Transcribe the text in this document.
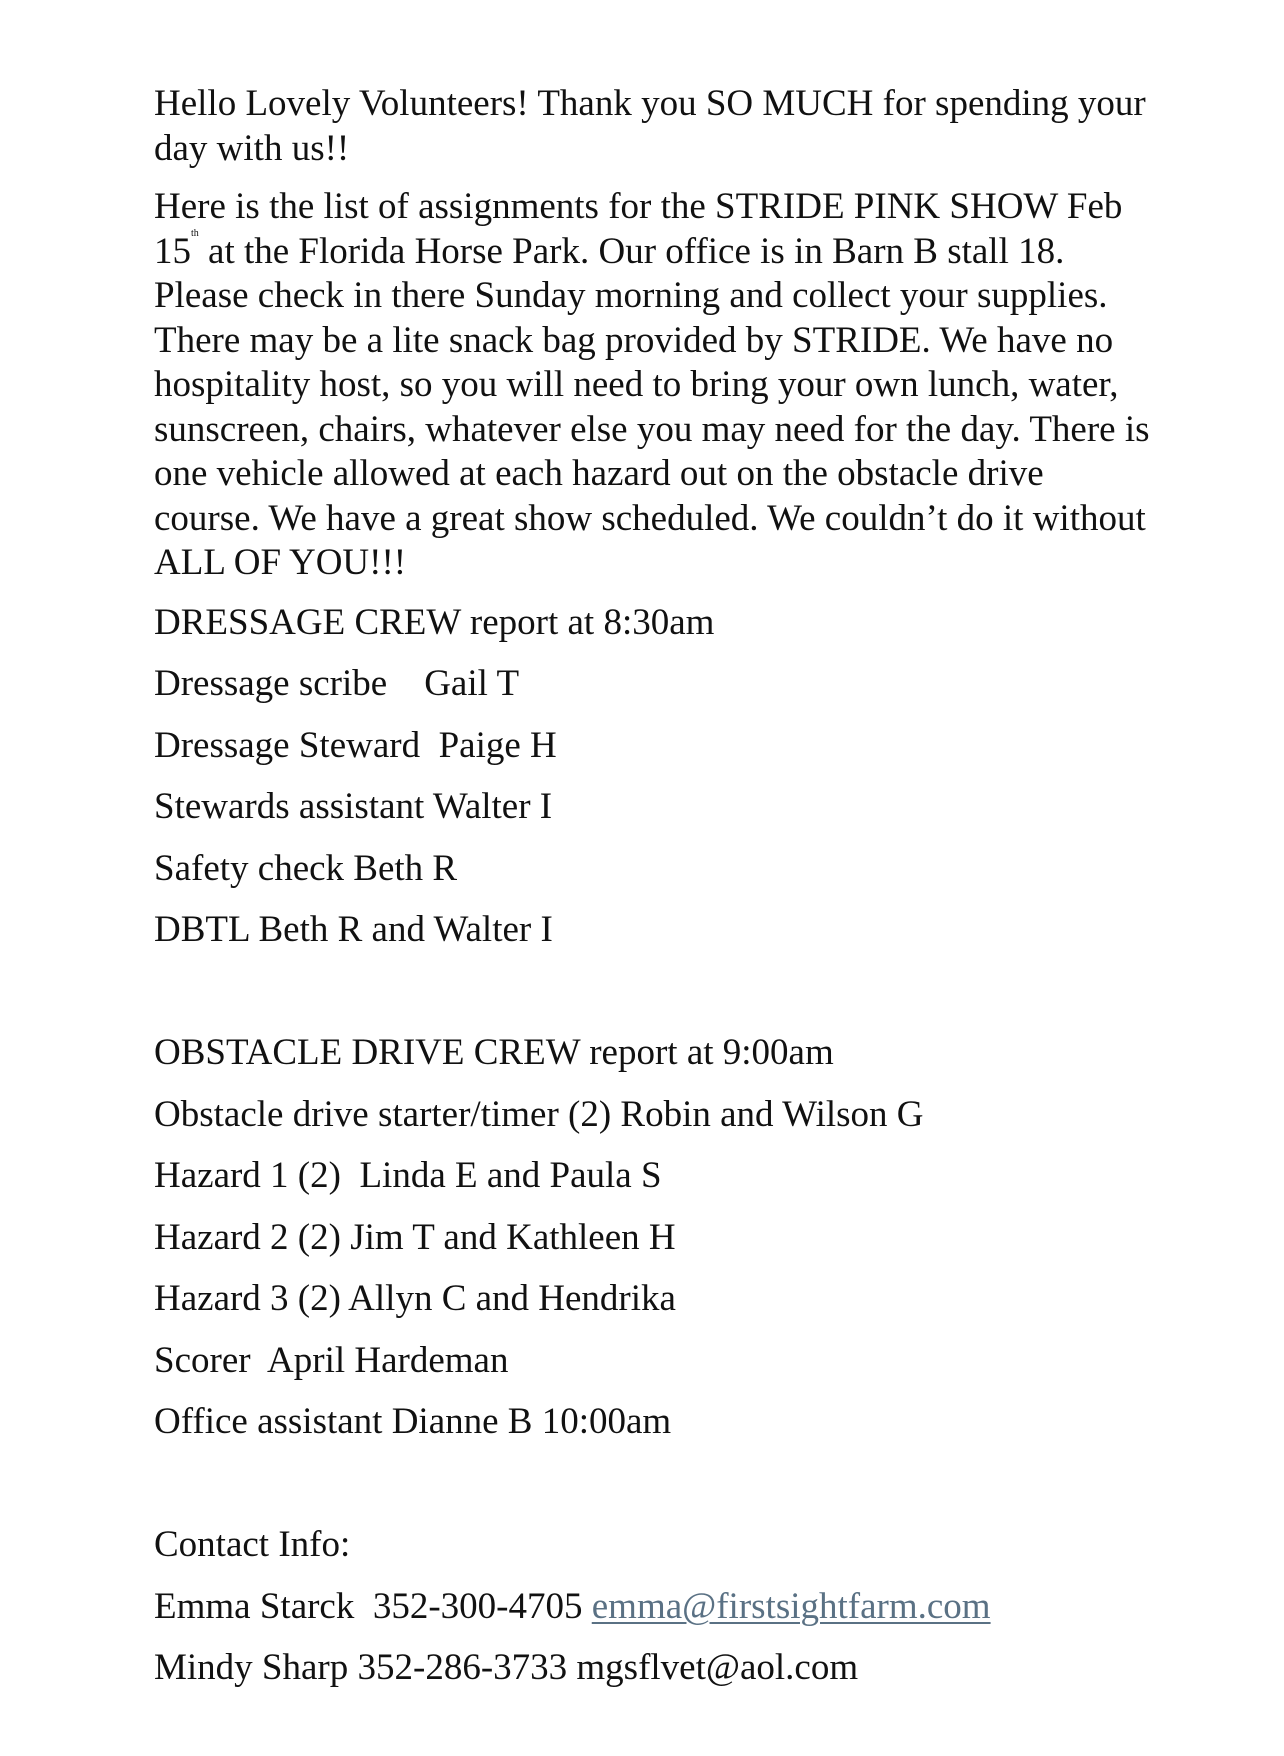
Hello Lovely Volunteers! Thank you SO MUCH for spending your day with us!!

Here is the list of assignments for the STRIDE PINK SHOW Feb 15th at the Florida Horse Park. Our office is in Barn B stall 18. Please check in there Sunday morning and collect your supplies. There may be a lite snack bag provided by STRIDE. We have no hospitality host, so you will need to bring your own lunch, water, sunscreen, chairs, whatever else you may need for the day. There is one vehicle allowed at each hazard out on the obstacle drive course. We have a great show scheduled. We couldn’t do it without ALL OF YOU!!!

DRESSAGE CREW report at 8:30am
Dressage scribe    Gail T
Dressage Steward  Paige H
Stewards assistant Walter I
Safety check Beth R
DBTL Beth R and Walter I
OBSTACLE DRIVE CREW report at 9:00am
Obstacle drive starter/timer (2) Robin and Wilson G
Hazard 1 (2)  Linda E and Paula S
Hazard 2 (2) Jim T and Kathleen H
Hazard 3 (2) Allyn C and Hendrika
Scorer  April Hardeman
Office assistant Dianne B 10:00am
Contact Info:
Emma Starck  352-300-4705 emma@firstsightfarm.com
Mindy Sharp 352-286-3733 mgsflvet@aol.com
